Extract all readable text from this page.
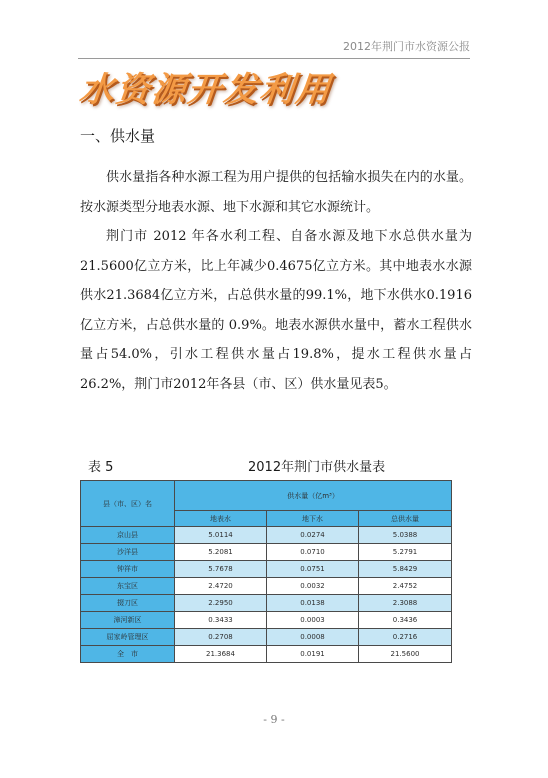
2012年荆门市水资源公报
水资源开发利用
一、供水量

供水量指各种水源工程为用户提供的包括输水损失在内的水量。按水源类型分地表水源、地下水源和其它水源统计。

荆门市 2012 年各水利工程、自备水源及地下水总供水量为21.5600亿立方米，比上年减少0.4675亿立方米。其中地表水水源供水21.3684亿立方米，占总供水量的99.1%，地下水供水0.1916亿立方米，占总供水量的 0.9%。地表水源供水量中，蓄水工程供水量占54.0%，引水工程供水量占19.8%，提水工程供水量占26.2%，荆门市2012年各县（市、区）供水量见表5。

表 5	2012年荆门市供水量表
县（市、区）名	供水量（亿m³）		
	地表水	地下水	总供水量
京山县	5.0114	0.0274	5.0388
沙洋县	5.2081	0.0710	5.2791
钟祥市	5.7678	0.0751	5.8429
东宝区	2.4720	0.0032	2.4752
掇刀区	2.2950	0.0138	2.3088
漳河新区	0.3433	0.0003	0.3436
屈家岭管理区	0.2708	0.0008	0.2716
全　市	21.3684	0.0191	21.5600
- 9 -
